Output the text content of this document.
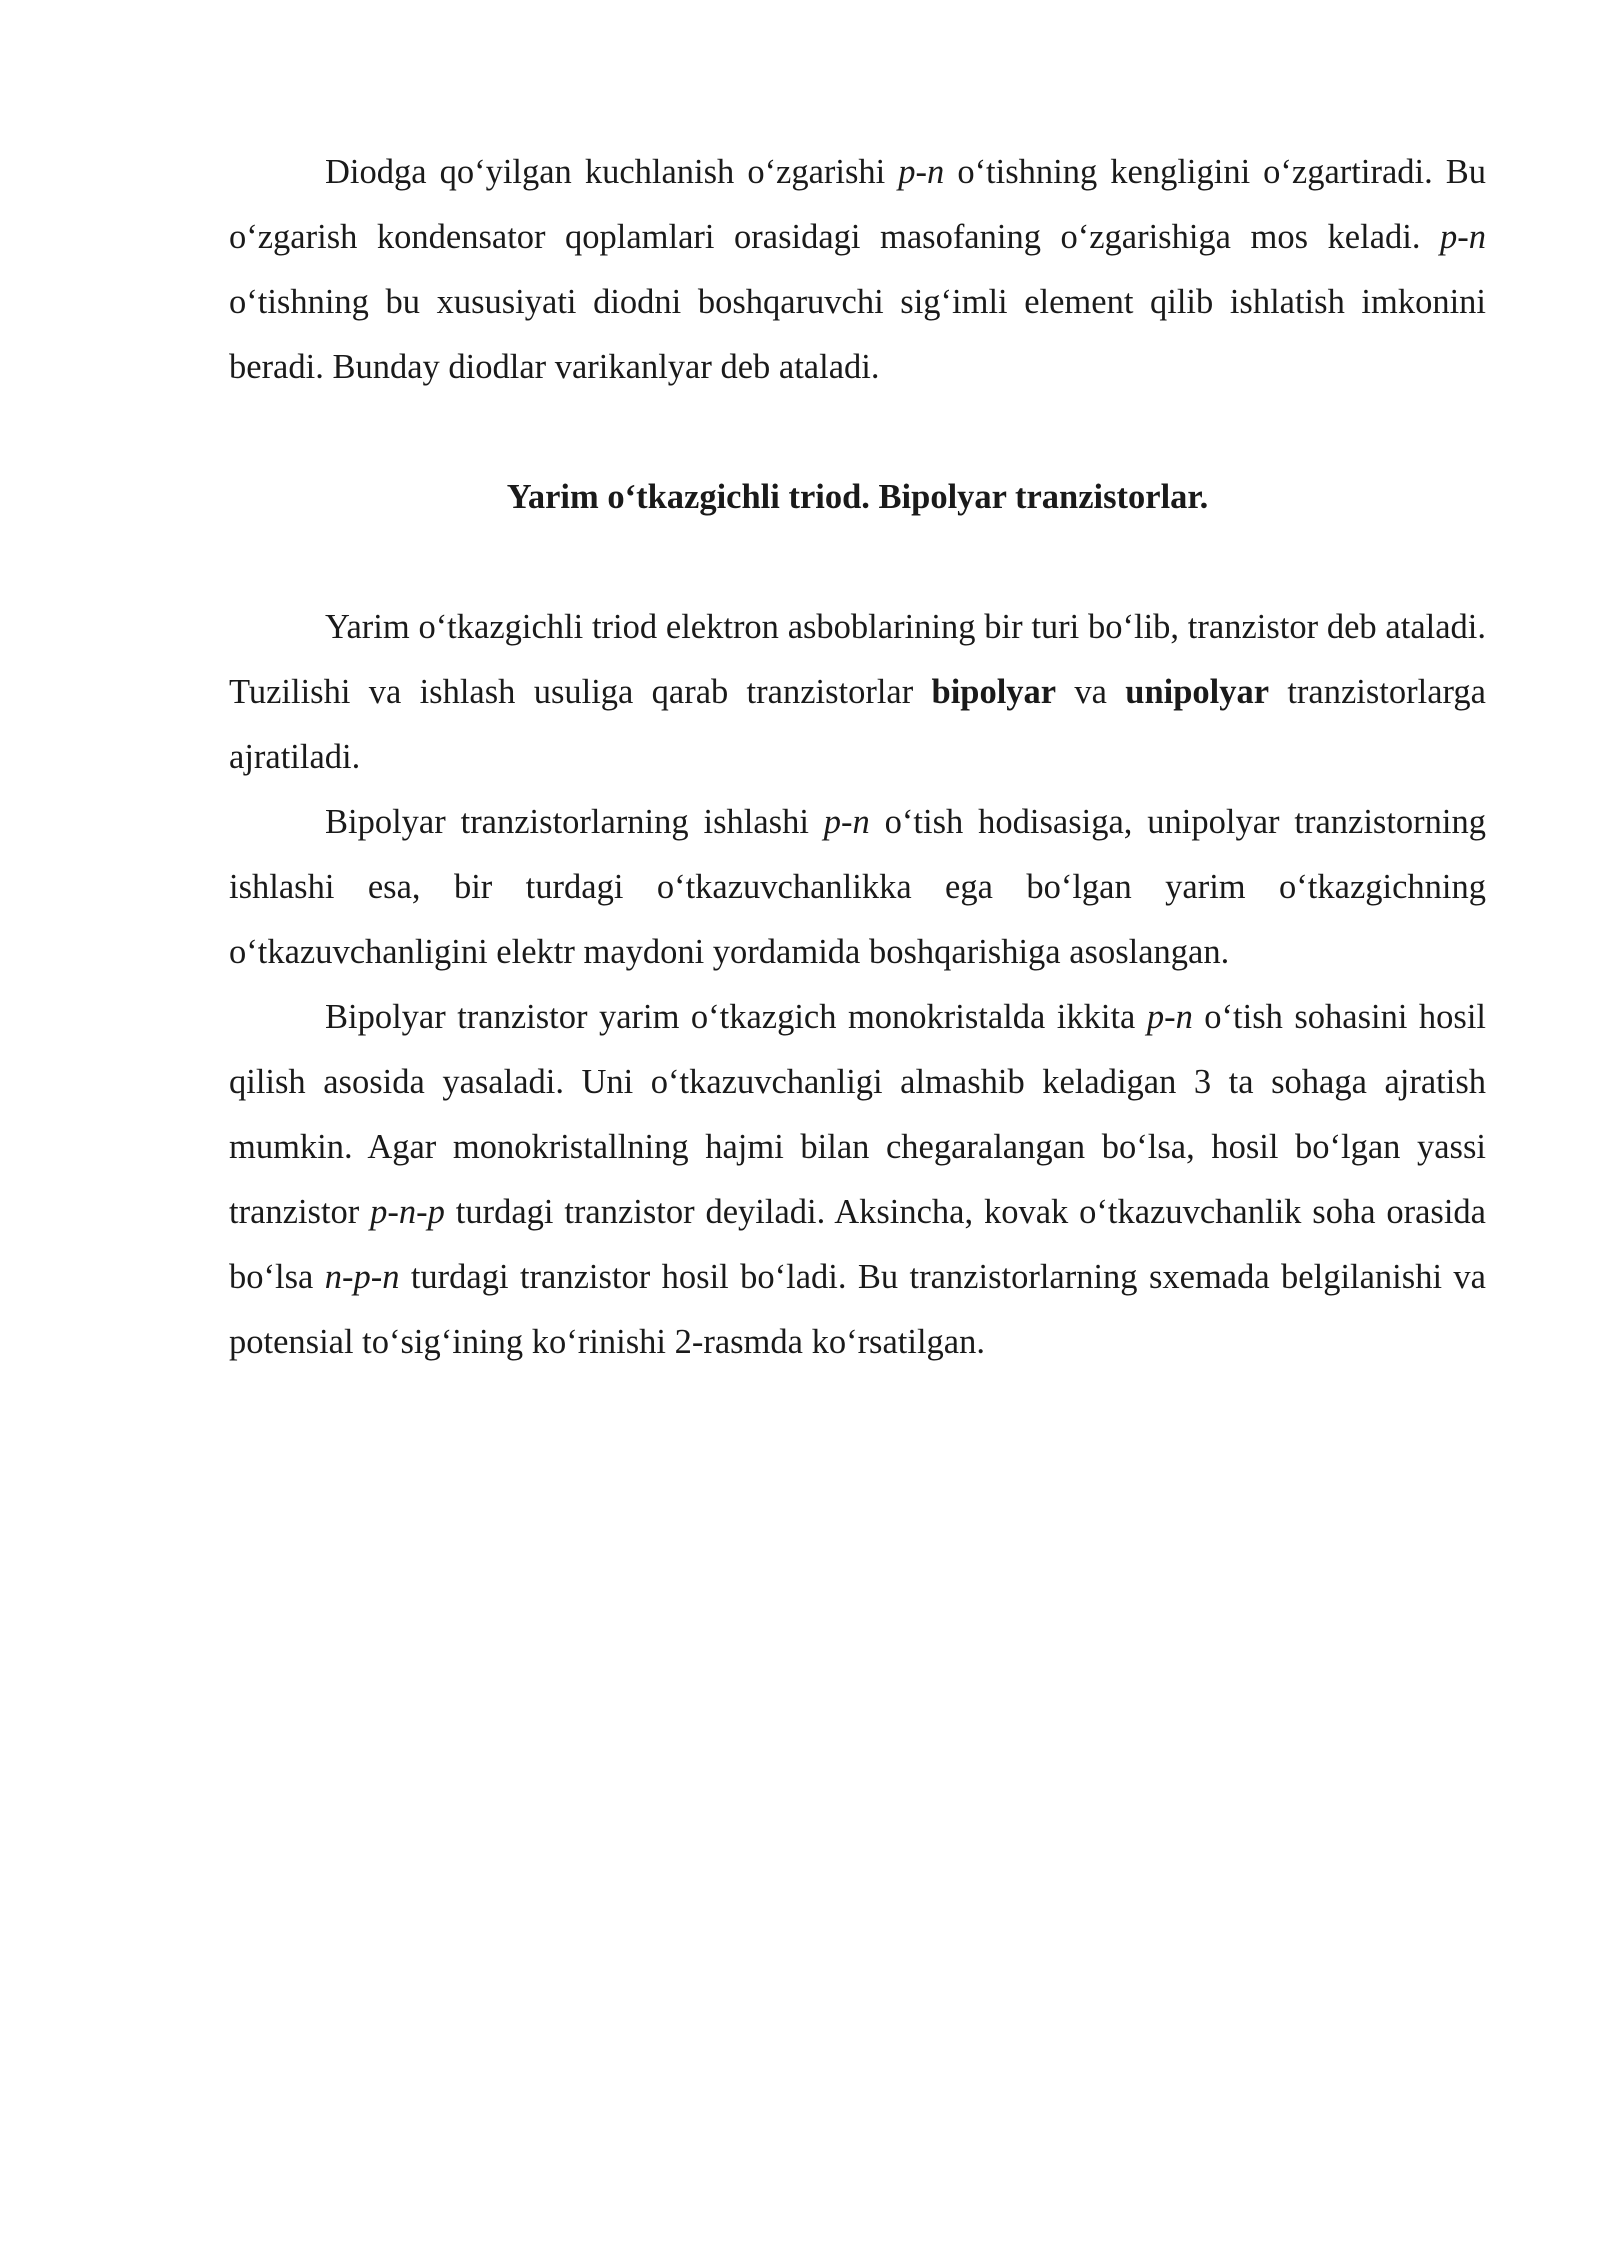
Diodga qo‘yilgan kuchlanish o‘zgarishi p-n o‘tishning kengligini o‘zgartiradi. Bu o‘zgarish kondensator qoplamlari orasidagi masofaning o‘zgarishiga mos keladi. p-n o‘tishning bu xususiyati diodni boshqaruvchi sig‘imli element qilib ishlatish imkonini beradi. Bunday diodlar varikanlyar deb ataladi.

Yarim o‘tkazgichli triod. Bipolyar tranzistorlar.

Yarim o‘tkazgichli triod elektron asboblarining bir turi bo‘lib, tranzistor deb ataladi. Tuzilishi va ishlash usuliga qarab tranzistorlar bipolyar va unipolyar tranzistorlarga ajratiladi.

Bipolyar tranzistorlarning ishlashi p-n o‘tish hodisasiga, unipolyar tranzistorning ishlashi esa, bir turdagi o‘tkazuvchanlikka ega bo‘lgan yarim o‘tkazgichning o‘tkazuvchanligini elektr maydoni yordamida boshqarishiga asoslangan.

Bipolyar tranzistor yarim o‘tkazgich monokristalda ikkita p-n o‘tish sohasini hosil qilish asosida yasaladi. Uni o‘tkazuvchanligi almashib keladigan 3 ta sohaga ajratish mumkin. Agar monokristallning hajmi bilan chegaralangan bo‘lsa, hosil bo‘lgan yassi tranzistor p-n-p turdagi tranzistor deyiladi. Aksincha, kovak o‘tkazuvchanlik soha orasida bo‘lsa n-p-n turdagi tranzistor hosil bo‘ladi. Bu tranzistorlarning sxemada belgilanishi va potensial to‘sig‘ining ko‘rinishi 2-rasmda ko‘rsatilgan.
